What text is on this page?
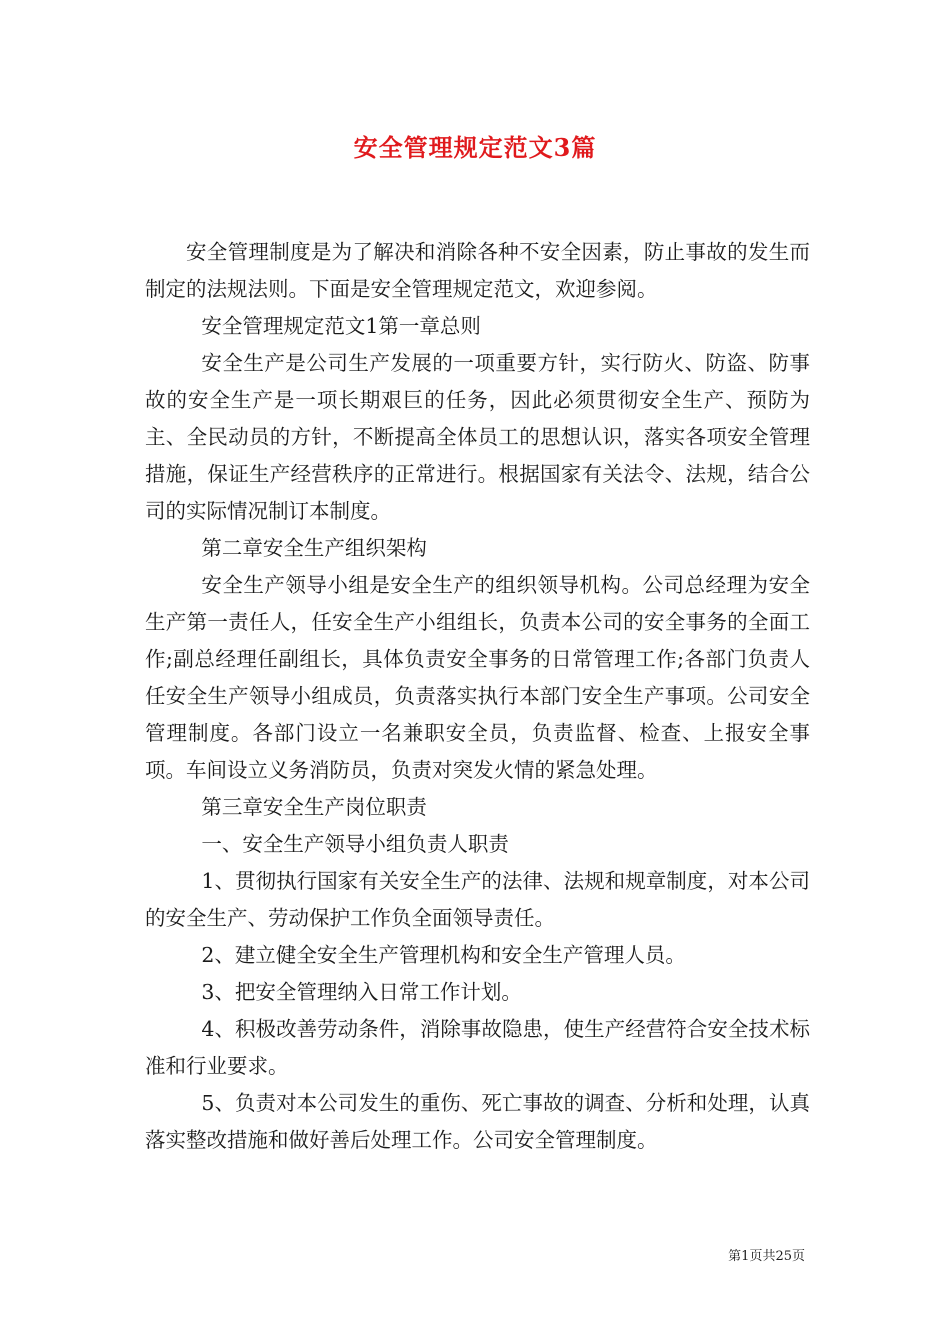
安全管理规定范文3篇

安全管理制度是为了解决和消除各种不安全因素，防止事故的发生而制定的法规法则。下面是安全管理规定范文，欢迎参阅。

安全管理规定范文1第一章总则

安全生产是公司生产发展的一项重要方针，实行防火、防盗、防事故的安全生产是一项长期艰巨的任务，因此必须贯彻安全生产、预防为主、全民动员的方针，不断提高全体员工的思想认识，落实各项安全管理措施，保证生产经营秩序的正常进行。根据国家有关法令、法规，结合公司的实际情况制订本制度。

第二章安全生产组织架构

安全生产领导小组是安全生产的组织领导机构。公司总经理为安全生产第一责任人，任安全生产小组组长，负责本公司的安全事务的全面工作;副总经理任副组长，具体负责安全事务的日常管理工作;各部门负责人任安全生产领导小组成员，负责落实执行本部门安全生产事项。公司安全管理制度。各部门设立一名兼职安全员，负责监督、检查、上报安全事项。车间设立义务消防员，负责对突发火情的紧急处理。

第三章安全生产岗位职责

一、安全生产领导小组负责人职责

1、贯彻执行国家有关安全生产的法律、法规和规章制度，对本公司的安全生产、劳动保护工作负全面领导责任。

2、建立健全安全生产管理机构和安全生产管理人员。

3、把安全管理纳入日常工作计划。

4、积极改善劳动条件，消除事故隐患，使生产经营符合安全技术标准和行业要求。

5、负责对本公司发生的重伤、死亡事故的调查、分析和处理，认真落实整改措施和做好善后处理工作。公司安全管理制度。

第1页共25页
